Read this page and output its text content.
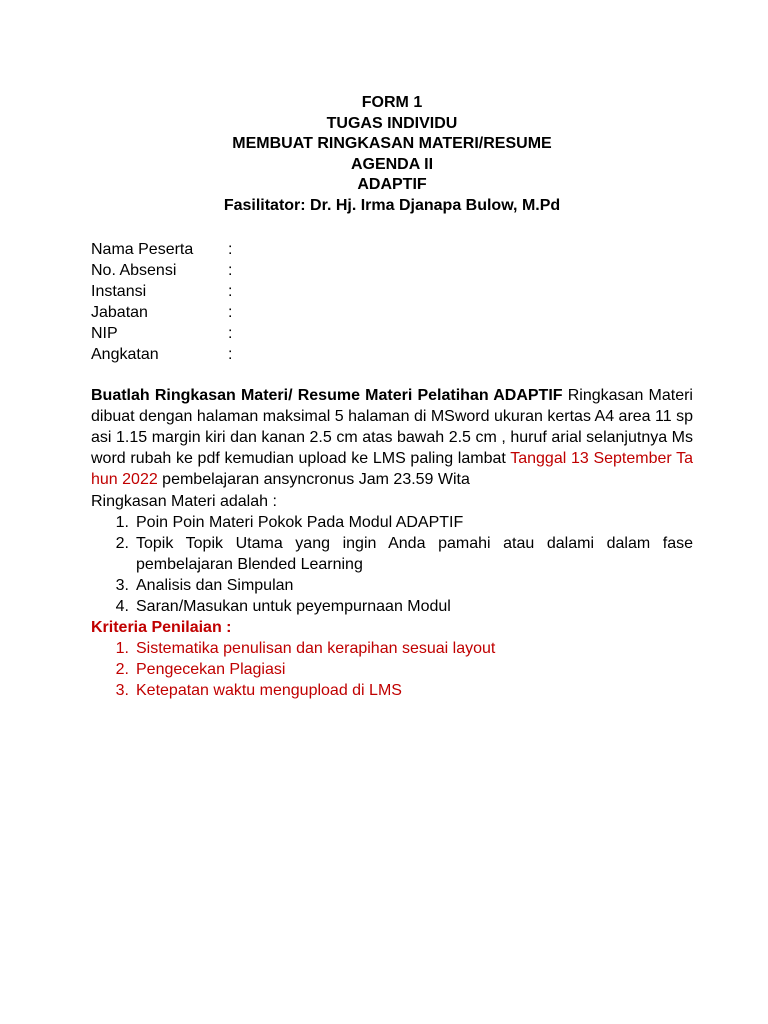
FORM 1
TUGAS INDIVIDU
MEMBUAT RINGKASAN MATERI/RESUME
AGENDA II
ADAPTIF
Fasilitator: Dr. Hj. Irma Djanapa Bulow, M.Pd
Nama Peserta	:
No. Absensi	:
Instansi	:
Jabatan	:
NIP	:
Angkatan	:
Buatlah Ringkasan Materi/ Resume Materi Pelatihan ADAPTIF Ringkasan Materi dibuat dengan halaman maksimal 5 halaman di MSword ukuran kertas A4 area 11 spasi 1.15 margin kiri dan kanan 2.5 cm atas bawah 2.5 cm , huruf arial selanjutnya Msword rubah ke pdf kemudian upload ke LMS paling lambat Tanggal 13 September Tahun 2022 pembelajaran ansyncronus Jam 23.59 Wita
Ringkasan Materi adalah :
1. Poin Poin Materi Pokok Pada Modul ADAPTIF
2. Topik Topik Utama yang ingin Anda pamahi atau dalami dalam fase pembelajaran Blended Learning
3. Analisis dan Simpulan
4. Saran/Masukan untuk peyempurnaan Modul
Kriteria Penilaian :
1. Sistematika penulisan dan kerapihan sesuai layout
2. Pengecekan Plagiasi
3. Ketepatan waktu mengupload di LMS
